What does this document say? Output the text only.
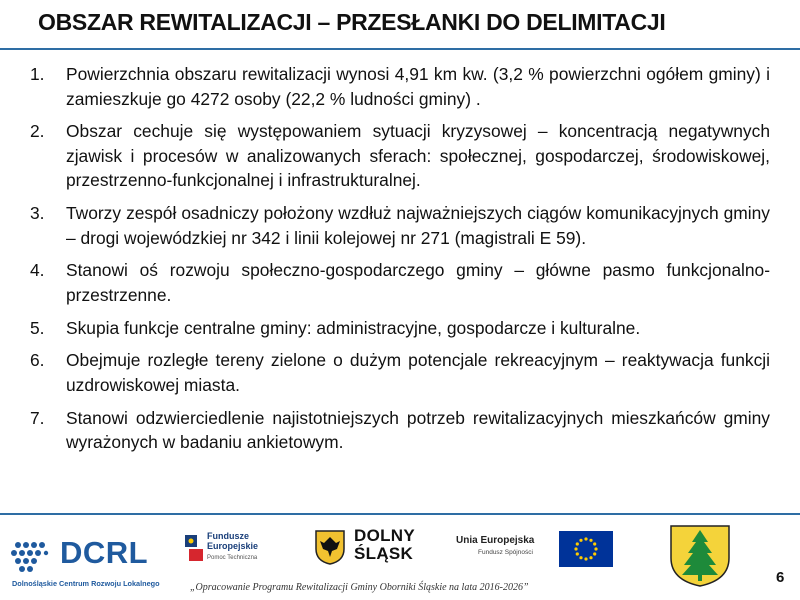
OBSZAR REWITALIZACJI – PRZESŁANKI DO DELIMITACJI
1.	Powierzchnia obszaru rewitalizacji wynosi 4,91 km kw. (3,2 % powierzchni ogółem gminy) i zamieszkuje go 4272 osoby (22,2 % ludności gminy) .
2.	Obszar cechuje się występowaniem sytuacji kryzysowej – koncentracją negatywnych zjawisk i procesów w analizowanych sferach: społecznej, gospodarczej, środowiskowej, przestrzenno-funkcjonalnej i infrastrukturalnej.
3.	Tworzy zespół osadniczy położony wzdłuż najważniejszych ciągów komunikacyjnych gminy – drogi wojewódzkiej nr 342 i linii kolejowej nr 271 (magistrali E 59).
4.	Stanowi oś rozwoju społeczno-gospodarczego gminy – główne pasmo funkcjonalno-przestrzenne.
5.	Skupia funkcje centralne gminy: administracyjne, gospodarcze i kulturalne.
6.	Obejmuje rozległe tereny zielone o dużym potencjale rekreacyjnym – reaktywacja funkcji uzdrowiskowej miasta.
7.	Stanowi odzwierciedlenie najistotniejszych potrzeb rewitalizacyjnych mieszkańców gminy wyrażonych w badaniu ankietowym.
DCRL
Dolnośląskie Centrum Rozwoju Lokalnego
Fundusze
Europejskie
Pomoc Techniczna
DOLNY
ŚLĄSK
Unia Europejska
Fundusz Spójności
„Opracowanie Programu Rewitalizacji Gminy Oborniki Śląskie na lata 2016-2026”
6
